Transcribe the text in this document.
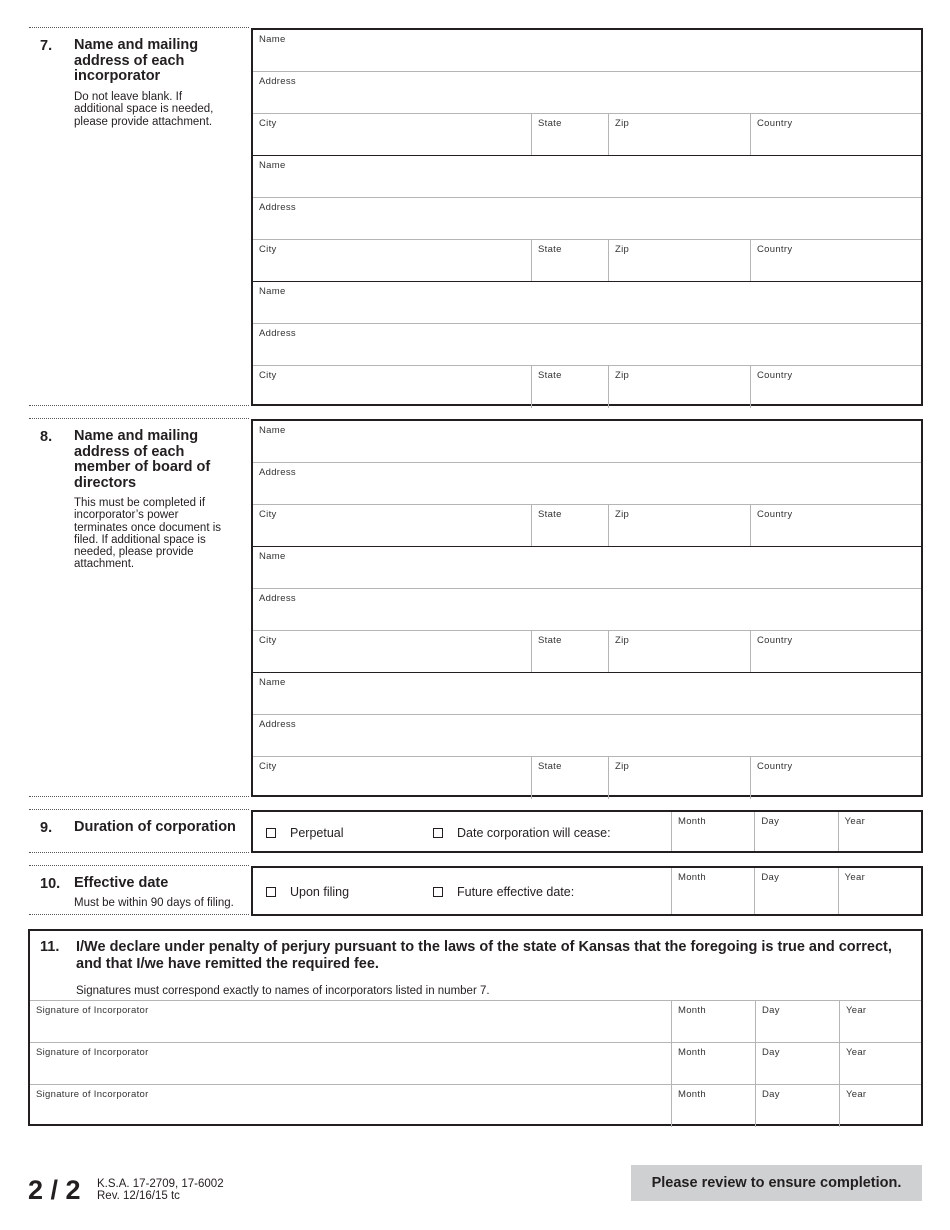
7. Name and mailing address of each incorporator
Do not leave blank. If additional space is needed, please provide attachment.
Name
Address
City	State	Zip	Country
Name
Address
City	State	Zip	Country
Name
Address
City	State	Zip	Country
8. Name and mailing address of each member of board of directors
This must be completed if incorporator’s power terminates once document is filed. If additional space is needed, please provide attachment.
Name
Address
City	State	Zip	Country
Name
Address
City	State	Zip	Country
Name
Address
City	State	Zip	Country
9. Duration of corporation	Perpetual	Date corporation will cease:
Month	Day	Year
10. Effective date
Must be within 90 days of filing.
Upon filing	Future effective date:
Month	Day	Year
11. I/We declare under penalty of perjury pursuant to the laws of the state of Kansas that the foregoing is true and correct, and that I/we have remitted the required fee.
Signatures must correspond exactly to names of incorporators listed in number 7.
Signature of Incorporator	Month	Day	Year
Signature of Incorporator	Month	Day	Year
Signature of Incorporator	Month	Day	Year
2 / 2 K.S.A. 17-2709, 17-6002
Rev. 12/16/15 tc
Please review to ensure completion.
